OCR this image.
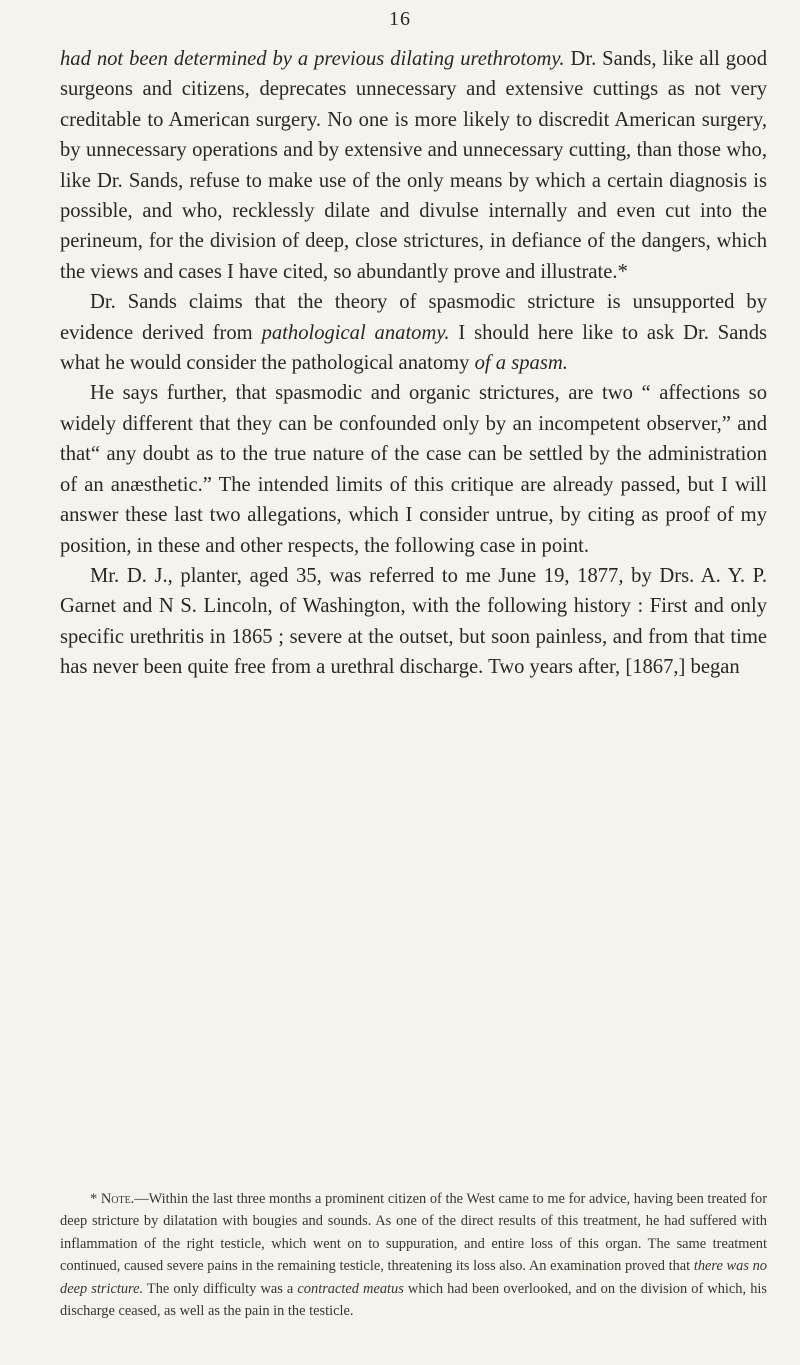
16

had not been determined by a previous dilating urethrotomy. Dr. Sands, like all good surgeons and citizens, deprecates unnecessary and extensive cuttings as not very creditable to American surgery. No one is more likely to discredit American surgery, by unnecessary operations and by extensive and unnecessary cutting, than those who, like Dr. Sands, refuse to make use of the only means by which a certain diagnosis is possible, and who, recklessly dilate and divulse internally and even cut into the perineum, for the division of deep, close strictures, in defiance of the dangers, which the views and cases I have cited, so abundantly prove and illustrate.*

Dr. Sands claims that the theory of spasmodic stricture is unsupported by evidence derived from pathological anatomy. I should here like to ask Dr. Sands what he would consider the pathological anatomy of a spasm.

He says further, that spasmodic and organic strictures, are two “ affections so widely different that they can be confounded only by an incompetent observer,” and that“ any doubt as to the true nature of the case can be settled by the administration of an anæsthetic.” The intended limits of this critique are already passed, but I will answer these last two allegations, which I consider untrue, by citing as proof of my position, in these and other respects, the following case in point.

Mr. D. J., planter, aged 35, was referred to me June 19, 1877, by Drs. A. Y. P. Garnet and N S. Lincoln, of Washington, with the following history : First and only specific urethritis in 1865 ; severe at the outset, but soon painless, and from that time has never been quite free from a urethral discharge. Two years after, [1867,] began

* Note.—Within the last three months a prominent citizen of the West came to me for advice, having been treated for deep stricture by dilatation with bougies and sounds. As one of the direct results of this treatment, he had suffered with inflammation of the right testicle, which went on to suppuration, and entire loss of this organ. The same treatment continued, caused severe pains in the remaining testicle, threatening its loss also. An examination proved that there was no deep stricture. The only difficulty was a contracted meatus which had been overlooked, and on the division of which, his discharge ceased, as well as the pain in the testicle.
